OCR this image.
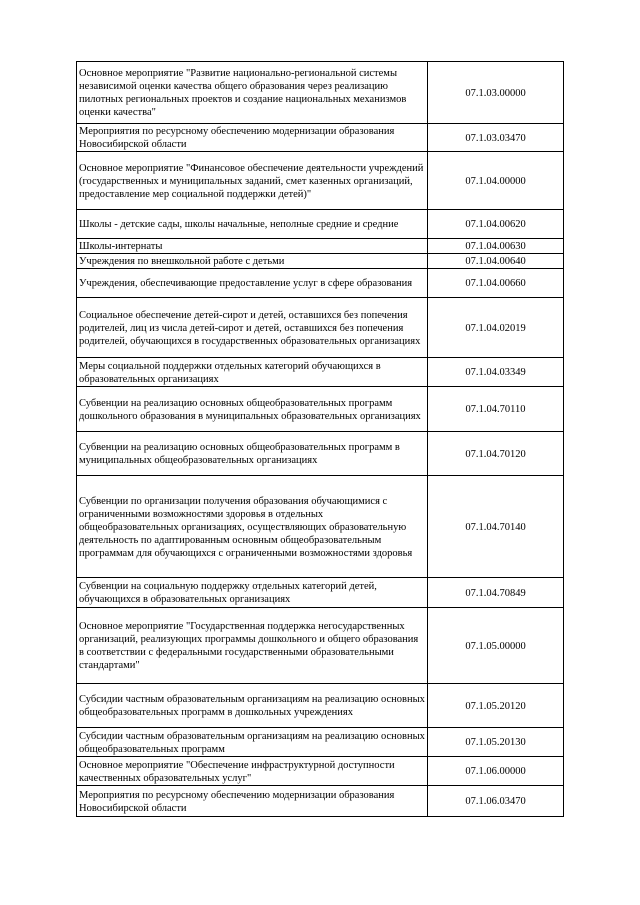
Основное мероприятие "Развитие национально-региональной системы независимой оценки качества общего образования через реализацию пилотных региональных проектов и создание национальных механизмов оценки качества"	07.1.03.00000
Мероприятия по ресурсному обеспечению модернизации образования Новосибирской области	07.1.03.03470
Основное мероприятие "Финансовое обеспечение деятельности учреждений (государственных и муниципальных заданий, смет казенных организаций, предоставление мер социальной поддержки детей)"	07.1.04.00000
Школы - детские сады, школы начальные, неполные средние и средние	07.1.04.00620
Школы-интернаты	07.1.04.00630
Учреждения по внешкольной работе с детьми	07.1.04.00640
Учреждения, обеспечивающие предоставление услуг в сфере образования	07.1.04.00660
Социальное обеспечение детей-сирот и детей, оставшихся без попечения родителей, лиц из числа детей-сирот и детей, оставшихся без попечения родителей, обучающихся в государственных образовательных организациях	07.1.04.02019
Меры социальной поддержки отдельных категорий обучающихся в образовательных организациях	07.1.04.03349
Субвенции на реализацию основных общеобразовательных программ дошкольного образования в муниципальных образовательных организациях	07.1.04.70110
Субвенции на реализацию основных общеобразовательных программ в муниципальных общеобразовательных организациях	07.1.04.70120
Субвенции по организации получения образования обучающимися с ограниченными возможностями здоровья в отдельных общеобразовательных организациях, осуществляющих образовательную деятельность по адаптированным основным общеобразовательным программам для обучающихся с ограниченными возможностями здоровья	07.1.04.70140
Субвенции на социальную поддержку отдельных категорий детей, обучающихся в образовательных организациях	07.1.04.70849
Основное мероприятие "Государственная поддержка негосударственных организаций, реализующих программы дошкольного и общего образования в соответствии с федеральными государственными образовательными стандартами"	07.1.05.00000
Субсидии частным образовательным организациям на реализацию основных общеобразовательных программ в дошкольных учреждениях	07.1.05.20120
Субсидии частным образовательным организациям на реализацию основных общеобразовательных программ	07.1.05.20130
Основное мероприятие "Обеспечение инфраструктурной доступности качественных образовательных услуг"	07.1.06.00000
Мероприятия по ресурсному обеспечению модернизации образования Новосибирской области	07.1.06.03470
